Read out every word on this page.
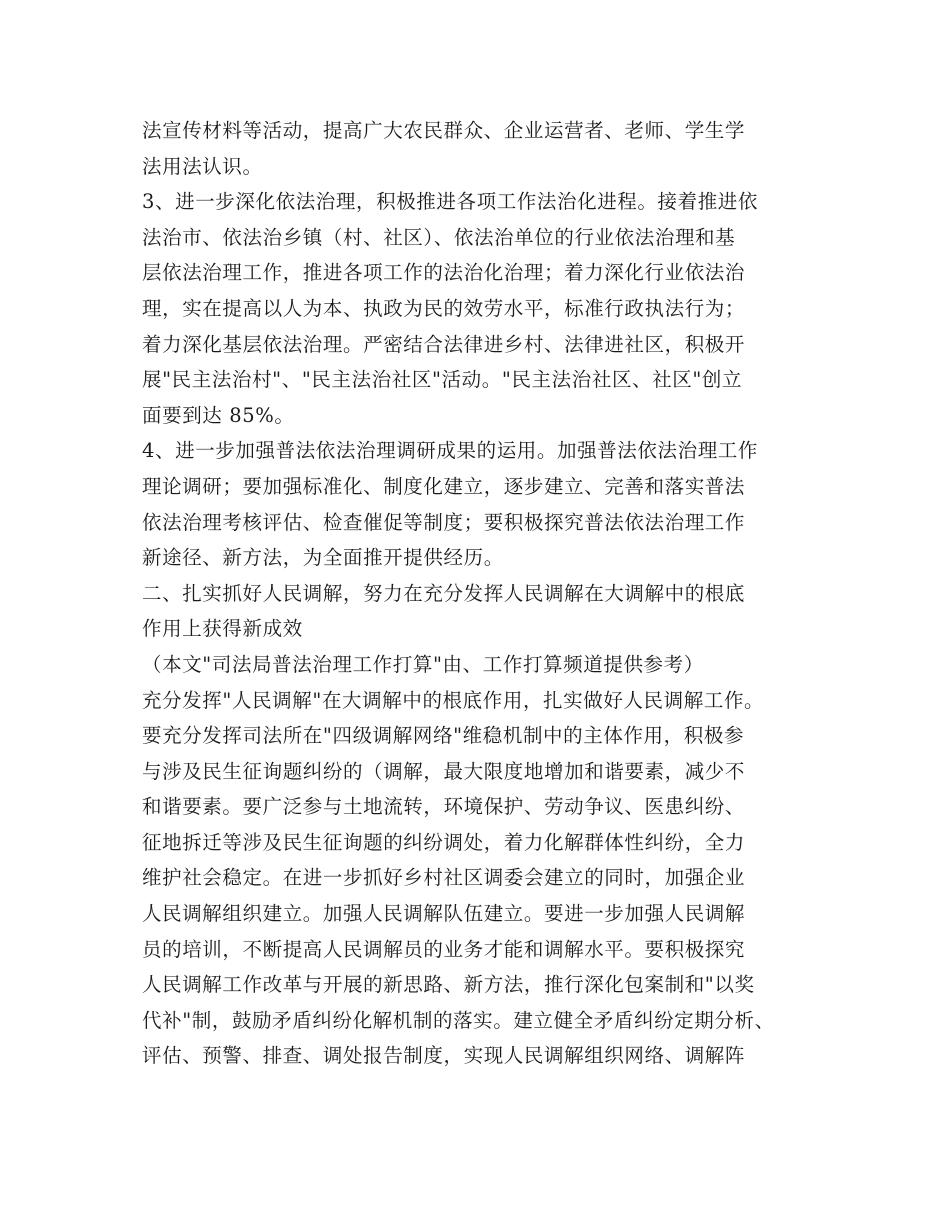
法宣传材料等活动，提高广大农民群众、企业运营者、老师、学生学
法用法认识。
3、进一步深化依法治理，积极推进各项工作法治化进程。接着推进依
法治市、依法治乡镇（村、社区）、依法治单位的行业依法治理和基
层依法治理工作，推进各项工作的法治化治理；着力深化行业依法治
理，实在提高以人为本、执政为民的效劳水平，标准行政执法行为；
着力深化基层依法治理。严密结合法律进乡村、法律进社区，积极开
展"民主法治村"、"民主法治社区"活动。"民主法治社区、社区"创立
面要到达 85%。
4、进一步加强普法依法治理调研成果的运用。加强普法依法治理工作
理论调研；要加强标准化、制度化建立，逐步建立、完善和落实普法
依法治理考核评估、检查催促等制度；要积极探究普法依法治理工作
新途径、新方法，为全面推开提供经历。
二、扎实抓好人民调解，努力在充分发挥人民调解在大调解中的根底
作用上获得新成效
（本文"司法局普法治理工作打算"由、工作打算频道提供参考）
充分发挥"人民调解"在大调解中的根底作用，扎实做好人民调解工作。
要充分发挥司法所在"四级调解网络"维稳机制中的主体作用，积极参
与涉及民生征询题纠纷的（调解，最大限度地增加和谐要素，减少不
和谐要素。要广泛参与土地流转，环境保护、劳动争议、医患纠纷、
征地拆迁等涉及民生征询题的纠纷调处，着力化解群体性纠纷，全力
维护社会稳定。在进一步抓好乡村社区调委会建立的同时，加强企业
人民调解组织建立。加强人民调解队伍建立。要进一步加强人民调解
员的培训，不断提高人民调解员的业务才能和调解水平。要积极探究
人民调解工作改革与开展的新思路、新方法，推行深化包案制和"以奖
代补"制，鼓励矛盾纠纷化解机制的落实。建立健全矛盾纠纷定期分析、
评估、预警、排查、调处报告制度，实现人民调解组织网络、调解阵
